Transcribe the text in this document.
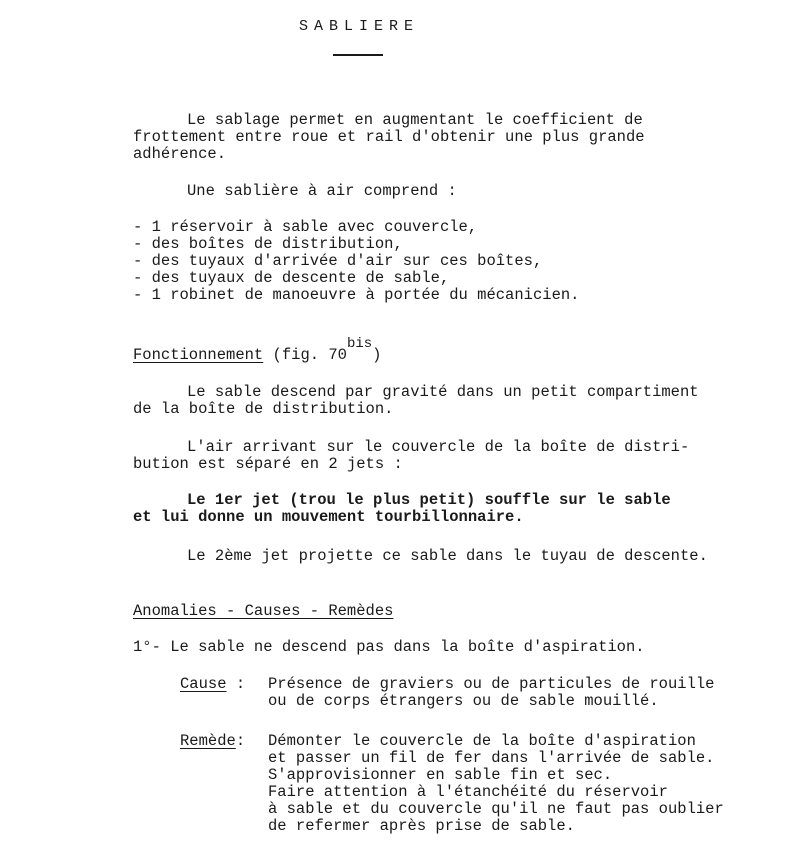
SABLIERE
Le sablage permet en augmentant le coefficient de
frottement entre roue et rail d'obtenir une plus grande
adhérence.
Une sablière à air comprend :
- 1 réservoir à sable avec couvercle,
- des boîtes de distribution,
- des tuyaux d'arrivée d'air sur ces boîtes,
- des tuyaux de descente de sable,
- 1 robinet de manoeuvre à portée du mécanicien.
Fonctionnement (fig. 70bis)
Le sable descend par gravité dans un petit compartiment
de la boîte de distribution.
L'air arrivant sur le couvercle de la boîte de distri-
bution est séparé en 2 jets :
Le 1er jet (trou le plus petit) souffle sur le sable
et lui donne un mouvement tourbillonnaire.
Le 2ème jet projette ce sable dans le tuyau de descente.
Anomalies - Causes - Remèdes
1°- Le sable ne descend pas dans la boîte d'aspiration.
Cause : Présence de graviers ou de particules de rouille
ou de corps étrangers ou de sable mouillé.
Remède: Démonter le couvercle de la boîte d'aspiration
et passer un fil de fer dans l'arrivée de sable.
S'approvisionner en sable fin et sec.
Faire attention à l'étanchéité du réservoir
à sable et du couvercle qu'il ne faut pas oublier
de refermer après prise de sable.
